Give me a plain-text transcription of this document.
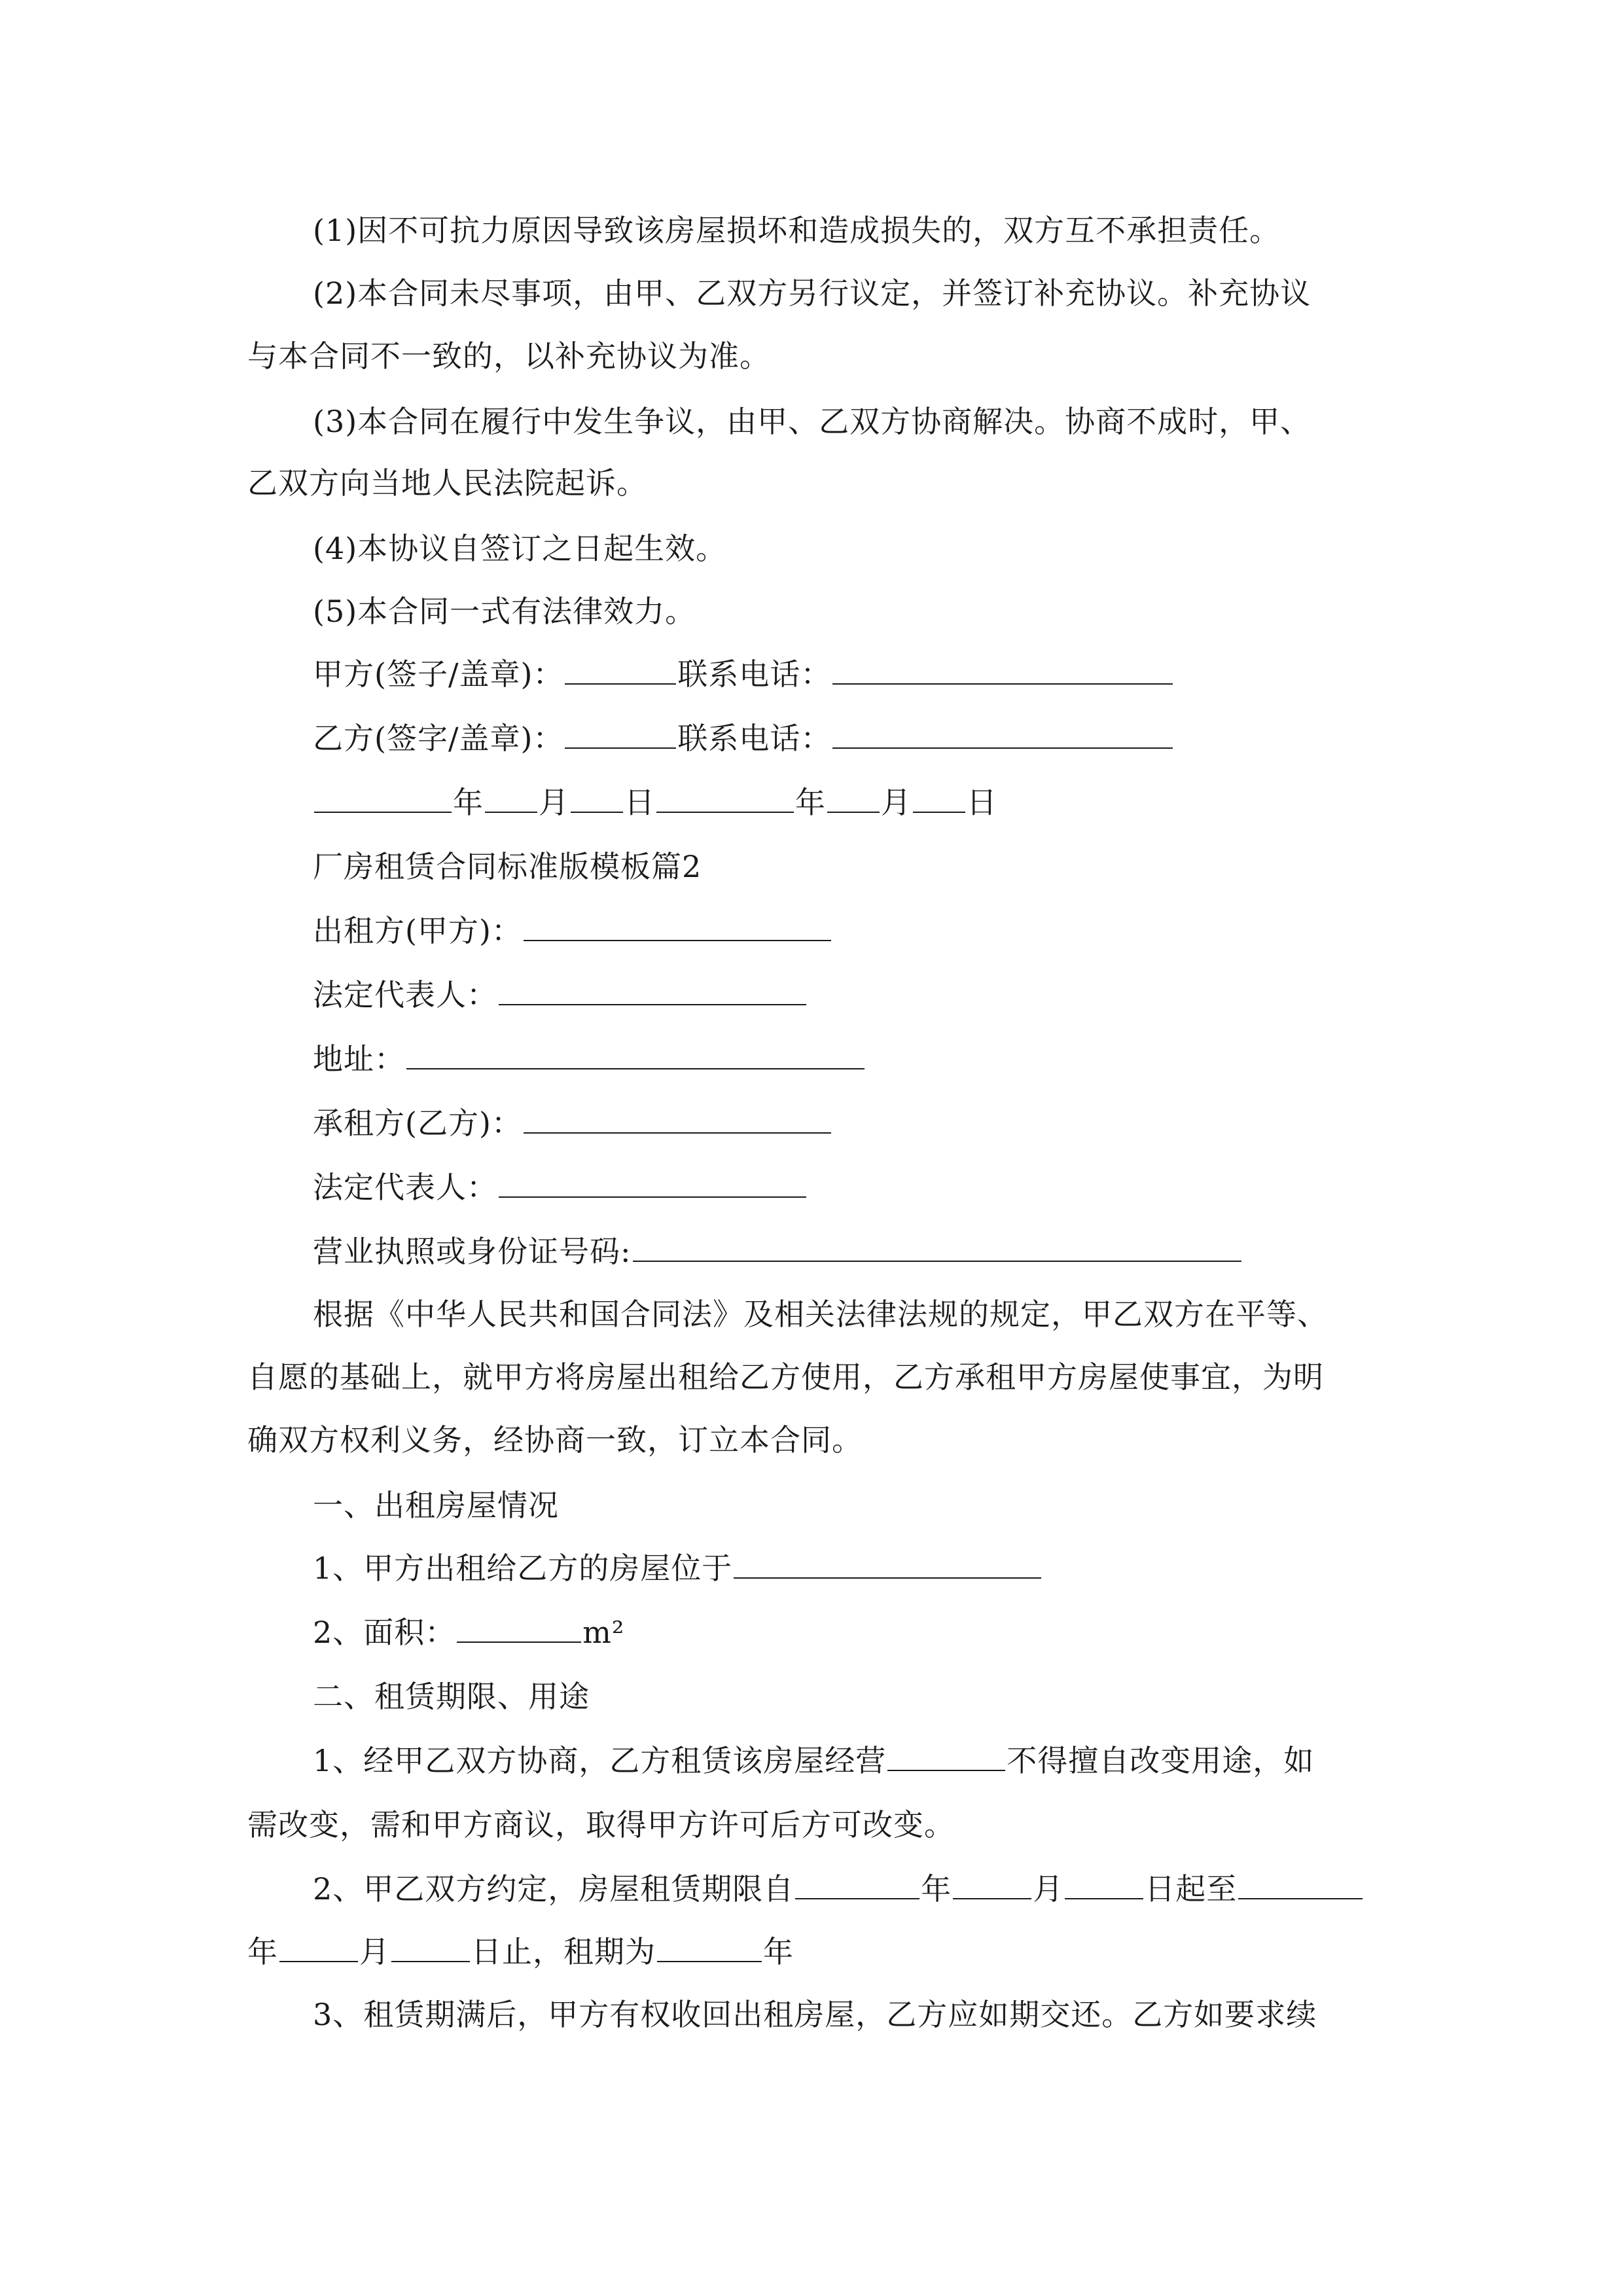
(1)因不可抗力原因导致该房屋损坏和造成损失的，双方互不承担责任。
(2)本合同未尽事项，由甲、乙双方另行议定，并签订补充协议。补充协议
与本合同不一致的，以补充协议为准。
(3)本合同在履行中发生争议，由甲、乙双方协商解决。协商不成时，甲、
乙双方向当地人民法院起诉。
(4)本协议自签订之日起生效。
(5)本合同一式有法律效力。
甲方(签子/盖章)：	联系电话：
乙方(签字/盖章)：	联系电话：
年 月 日	年 月 日
厂房租赁合同标准版模板篇2
出租方(甲方)：
法定代表人：
地址：
承租方(乙方)：
法定代表人：
营业执照或身份证号码:
根据《中华人民共和国合同法》及相关法律法规的规定，甲乙双方在平等、
自愿的基础上，就甲方将房屋出租给乙方使用，乙方承租甲方房屋使事宜，为明
确双方权利义务，经协商一致，订立本合同。
一、出租房屋情况
1、甲方出租给乙方的房屋位于
2、面积：	m²
二、租赁期限、用途
1、经甲乙双方协商，乙方租赁该房屋经营	不得擅自改变用途，如
需改变，需和甲方商议，取得甲方许可后方可改变。
2、甲乙双方约定，房屋租赁期限自	年	月	日起至
年	月	日止，租期为	年
3、租赁期满后，甲方有权收回出租房屋，乙方应如期交还。乙方如要求续
